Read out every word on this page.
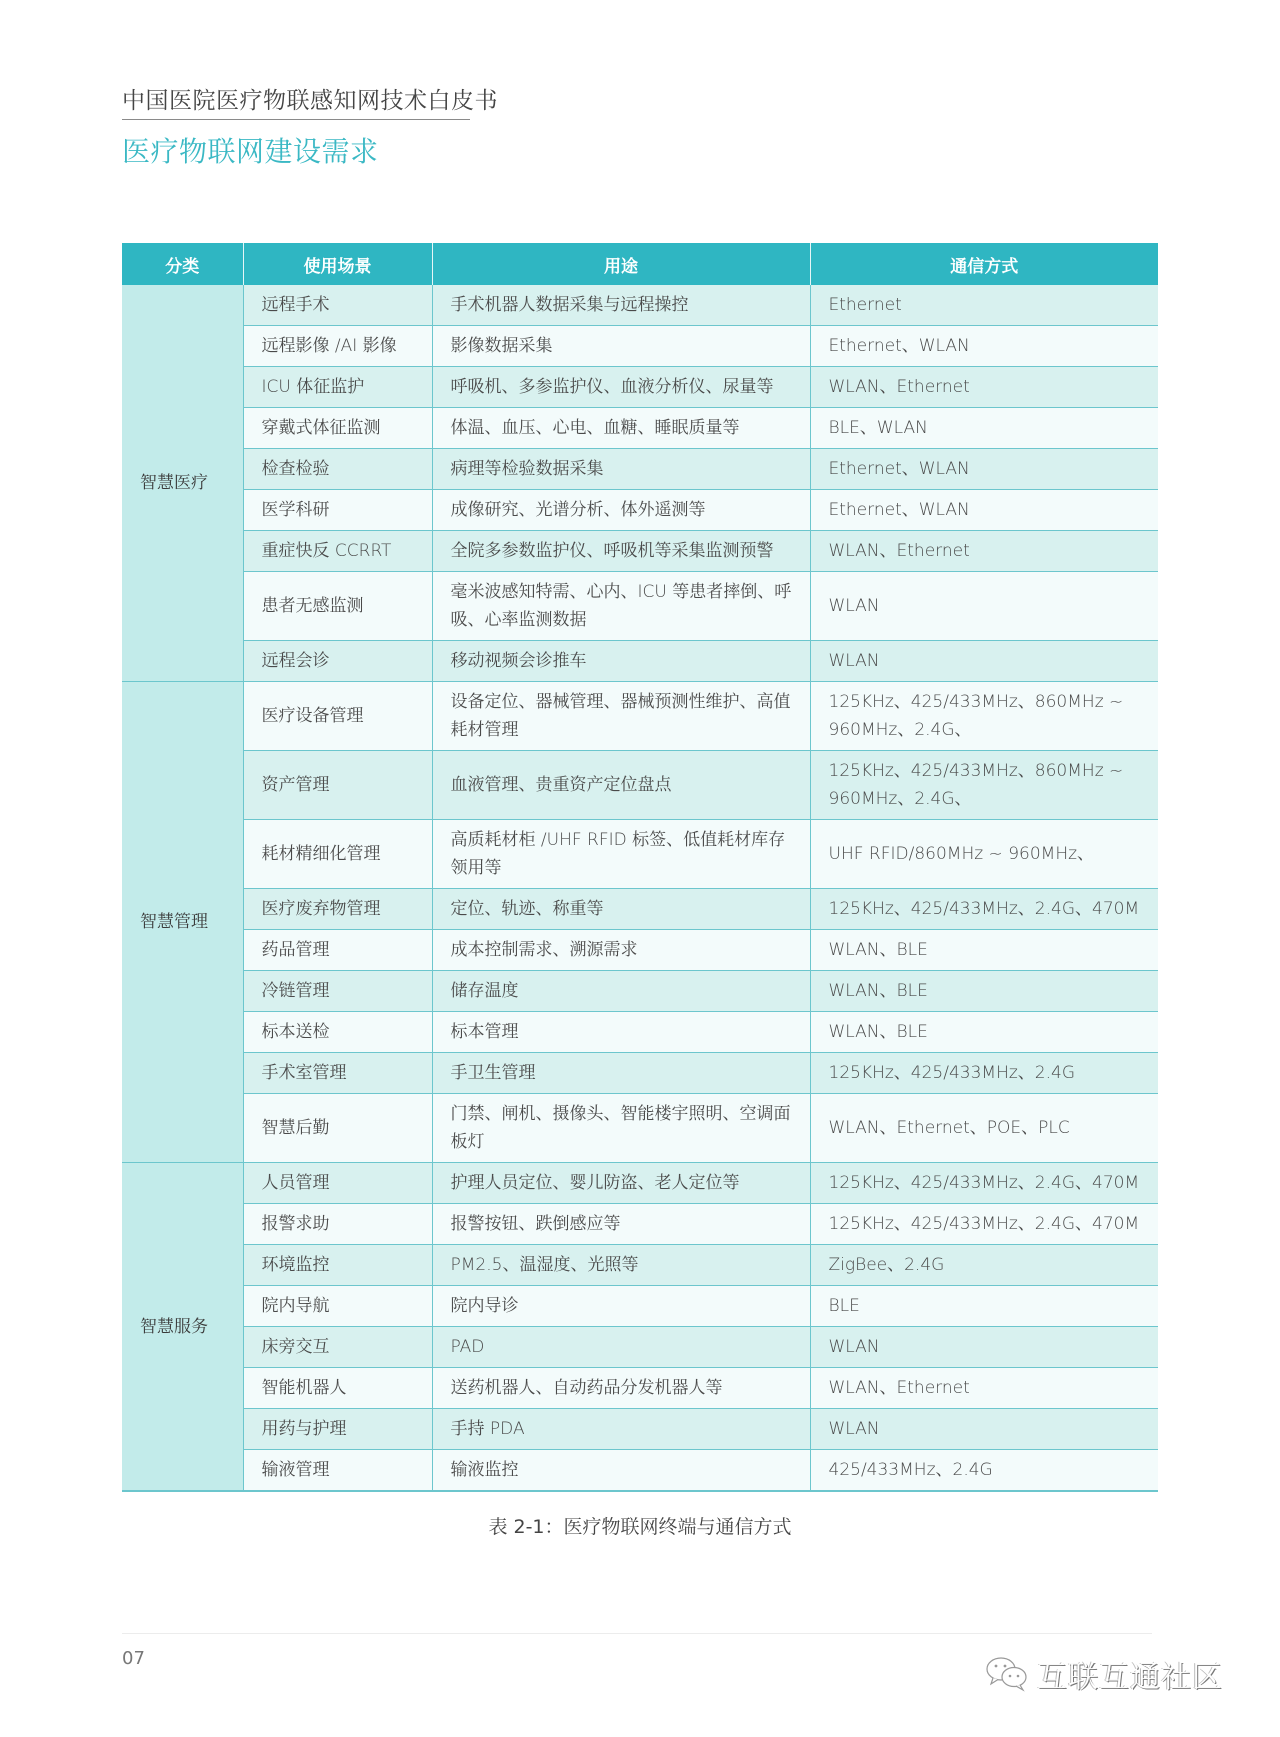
中国医院医疗物联感知网技术白皮书
医疗物联网建设需求
分类	使用场景	用途	通信方式
智慧医疗	远程手术	手术机器人数据采集与远程操控	Ethernet
	远程影像 /AI 影像	影像数据采集	Ethernet、WLAN
	ICU 体征监护	呼吸机、多参监护仪、血液分析仪、尿量等	WLAN、Ethernet
	穿戴式体征监测	体温、血压、心电、血糖、睡眠质量等	BLE、WLAN
	检查检验	病理等检验数据采集	Ethernet、WLAN
	医学科研	成像研究、光谱分析、体外遥测等	Ethernet、WLAN
	重症快反 CCRRT	全院多参数监护仪、呼吸机等采集监测预警	WLAN、Ethernet
	患者无感监测	毫米波感知特需、心内、ICU 等患者摔倒、呼吸、心率监测数据	WLAN
	远程会诊	移动视频会诊推车	WLAN
智慧管理	医疗设备管理	设备定位、器械管理、器械预测性维护、高值耗材管理	125KHz、425/433MHz、860MHz ~ 960MHz、2.4G、
	资产管理	血液管理、贵重资产定位盘点	125KHz、425/433MHz、860MHz ~ 960MHz、2.4G、
	耗材精细化管理	高质耗材柜 /UHF RFID 标签、低值耗材库存领用等	UHF RFID/860MHz ~ 960MHz、
	医疗废弃物管理	定位、轨迹、称重等	125KHz、425/433MHz、2.4G、470M
	药品管理	成本控制需求、溯源需求	WLAN、BLE
	冷链管理	储存温度	WLAN、BLE
	标本送检	标本管理	WLAN、BLE
	手术室管理	手卫生管理	125KHz、425/433MHz、2.4G
	智慧后勤	门禁、闸机、摄像头、智能楼宇照明、空调面板灯	WLAN、Ethernet、POE、PLC
智慧服务	人员管理	护理人员定位、婴儿防盗、老人定位等	125KHz、425/433MHz、2.4G、470M
	报警求助	报警按钮、跌倒感应等	125KHz、425/433MHz、2.4G、470M
	环境监控	PM2.5、温湿度、光照等	ZigBee、2.4G
	院内导航	院内导诊	BLE
	床旁交互	PAD	WLAN
	智能机器人	送药机器人、自动药品分发机器人等	WLAN、Ethernet
	用药与护理	手持 PDA	WLAN
	输液管理	输液监控	425/433MHz、2.4G
表 2-1：医疗物联网终端与通信方式
07
互联互通社区
